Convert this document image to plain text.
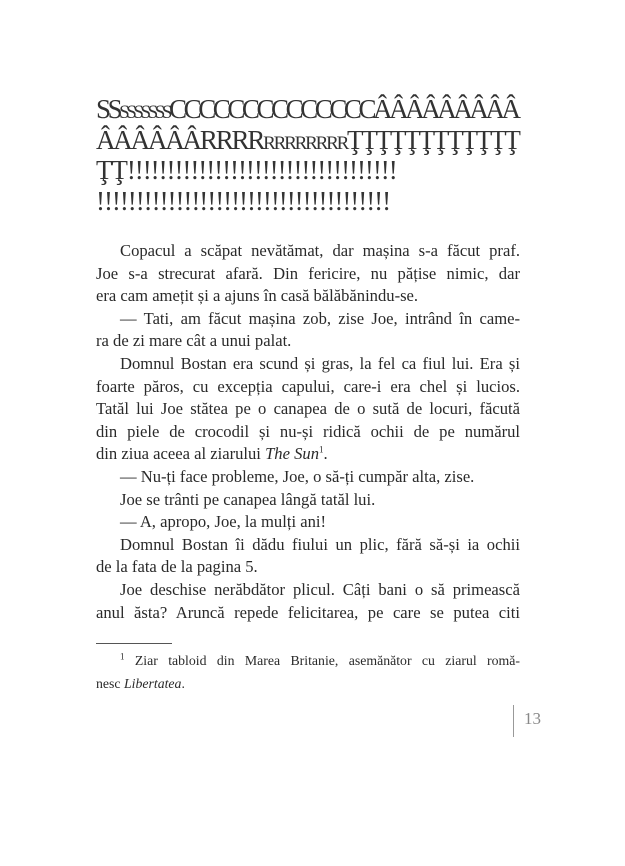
SSsssssssCCCCCCCCCCCCCCÂÂÂÂÂÂÂÂÂ
ÂÂÂÂÂÂRRRRrrrrrrrrŢŢŢŢŢŢŢŢŢŢŢŢ
ŢŢ!!!!!!!!!!!!!!!!!!!!!!!!!!!!!!!!!!
!!!!!!!!!!!!!!!!!!!!!!!!!!!!!!!!!!!!!
Copacul a scăpat nevătămat, dar mașina s-a făcut praf.
Joe s-a strecurat afară. Din fericire, nu pățise nimic, dar
era cam amețit și a ajuns în casă bălăbănindu-se.
— Tati, am făcut mașina zob, zise Joe, intrând în came-
ra de zi mare cât a unui palat.
Domnul Bostan era scund și gras, la fel ca fiul lui. Era și
foarte păros, cu excepția capului, care-i era chel și lucios.
Tatăl lui Joe stătea pe o canapea de o sută de locuri, făcută
din piele de crocodil și nu-și ridică ochii de pe numărul
din ziua aceea al ziarului The Sun$^1$.
— Nu-ți face probleme, Joe, o să-ți cumpăr alta, zise.
Joe se trânti pe canapea lângă tatăl lui.
— A, apropo, Joe, la mulți ani!
Domnul Bostan îi dădu fiului un plic, fără să-și ia ochii
de la fata de la pagina 5.
Joe deschise nerăbdător plicul. Câți bani o să primească
anul ăsta? Aruncă repede felicitarea, pe care se putea citi
$^1$ Ziar tabloid din Marea Britanie, asemănător cu ziarul romă-
nesc Libertatea.
13
